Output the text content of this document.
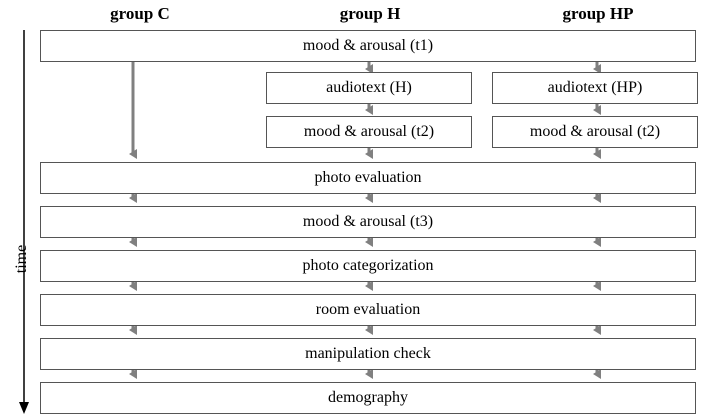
group C	group H	group HP
time
mood & arousal (t1)
audiotext (H)	audiotext (HP)
mood & arousal (t2)	mood & arousal (t2)
photo evaluation
mood & arousal (t3)
photo categorization
room evaluation
manipulation check
demography
